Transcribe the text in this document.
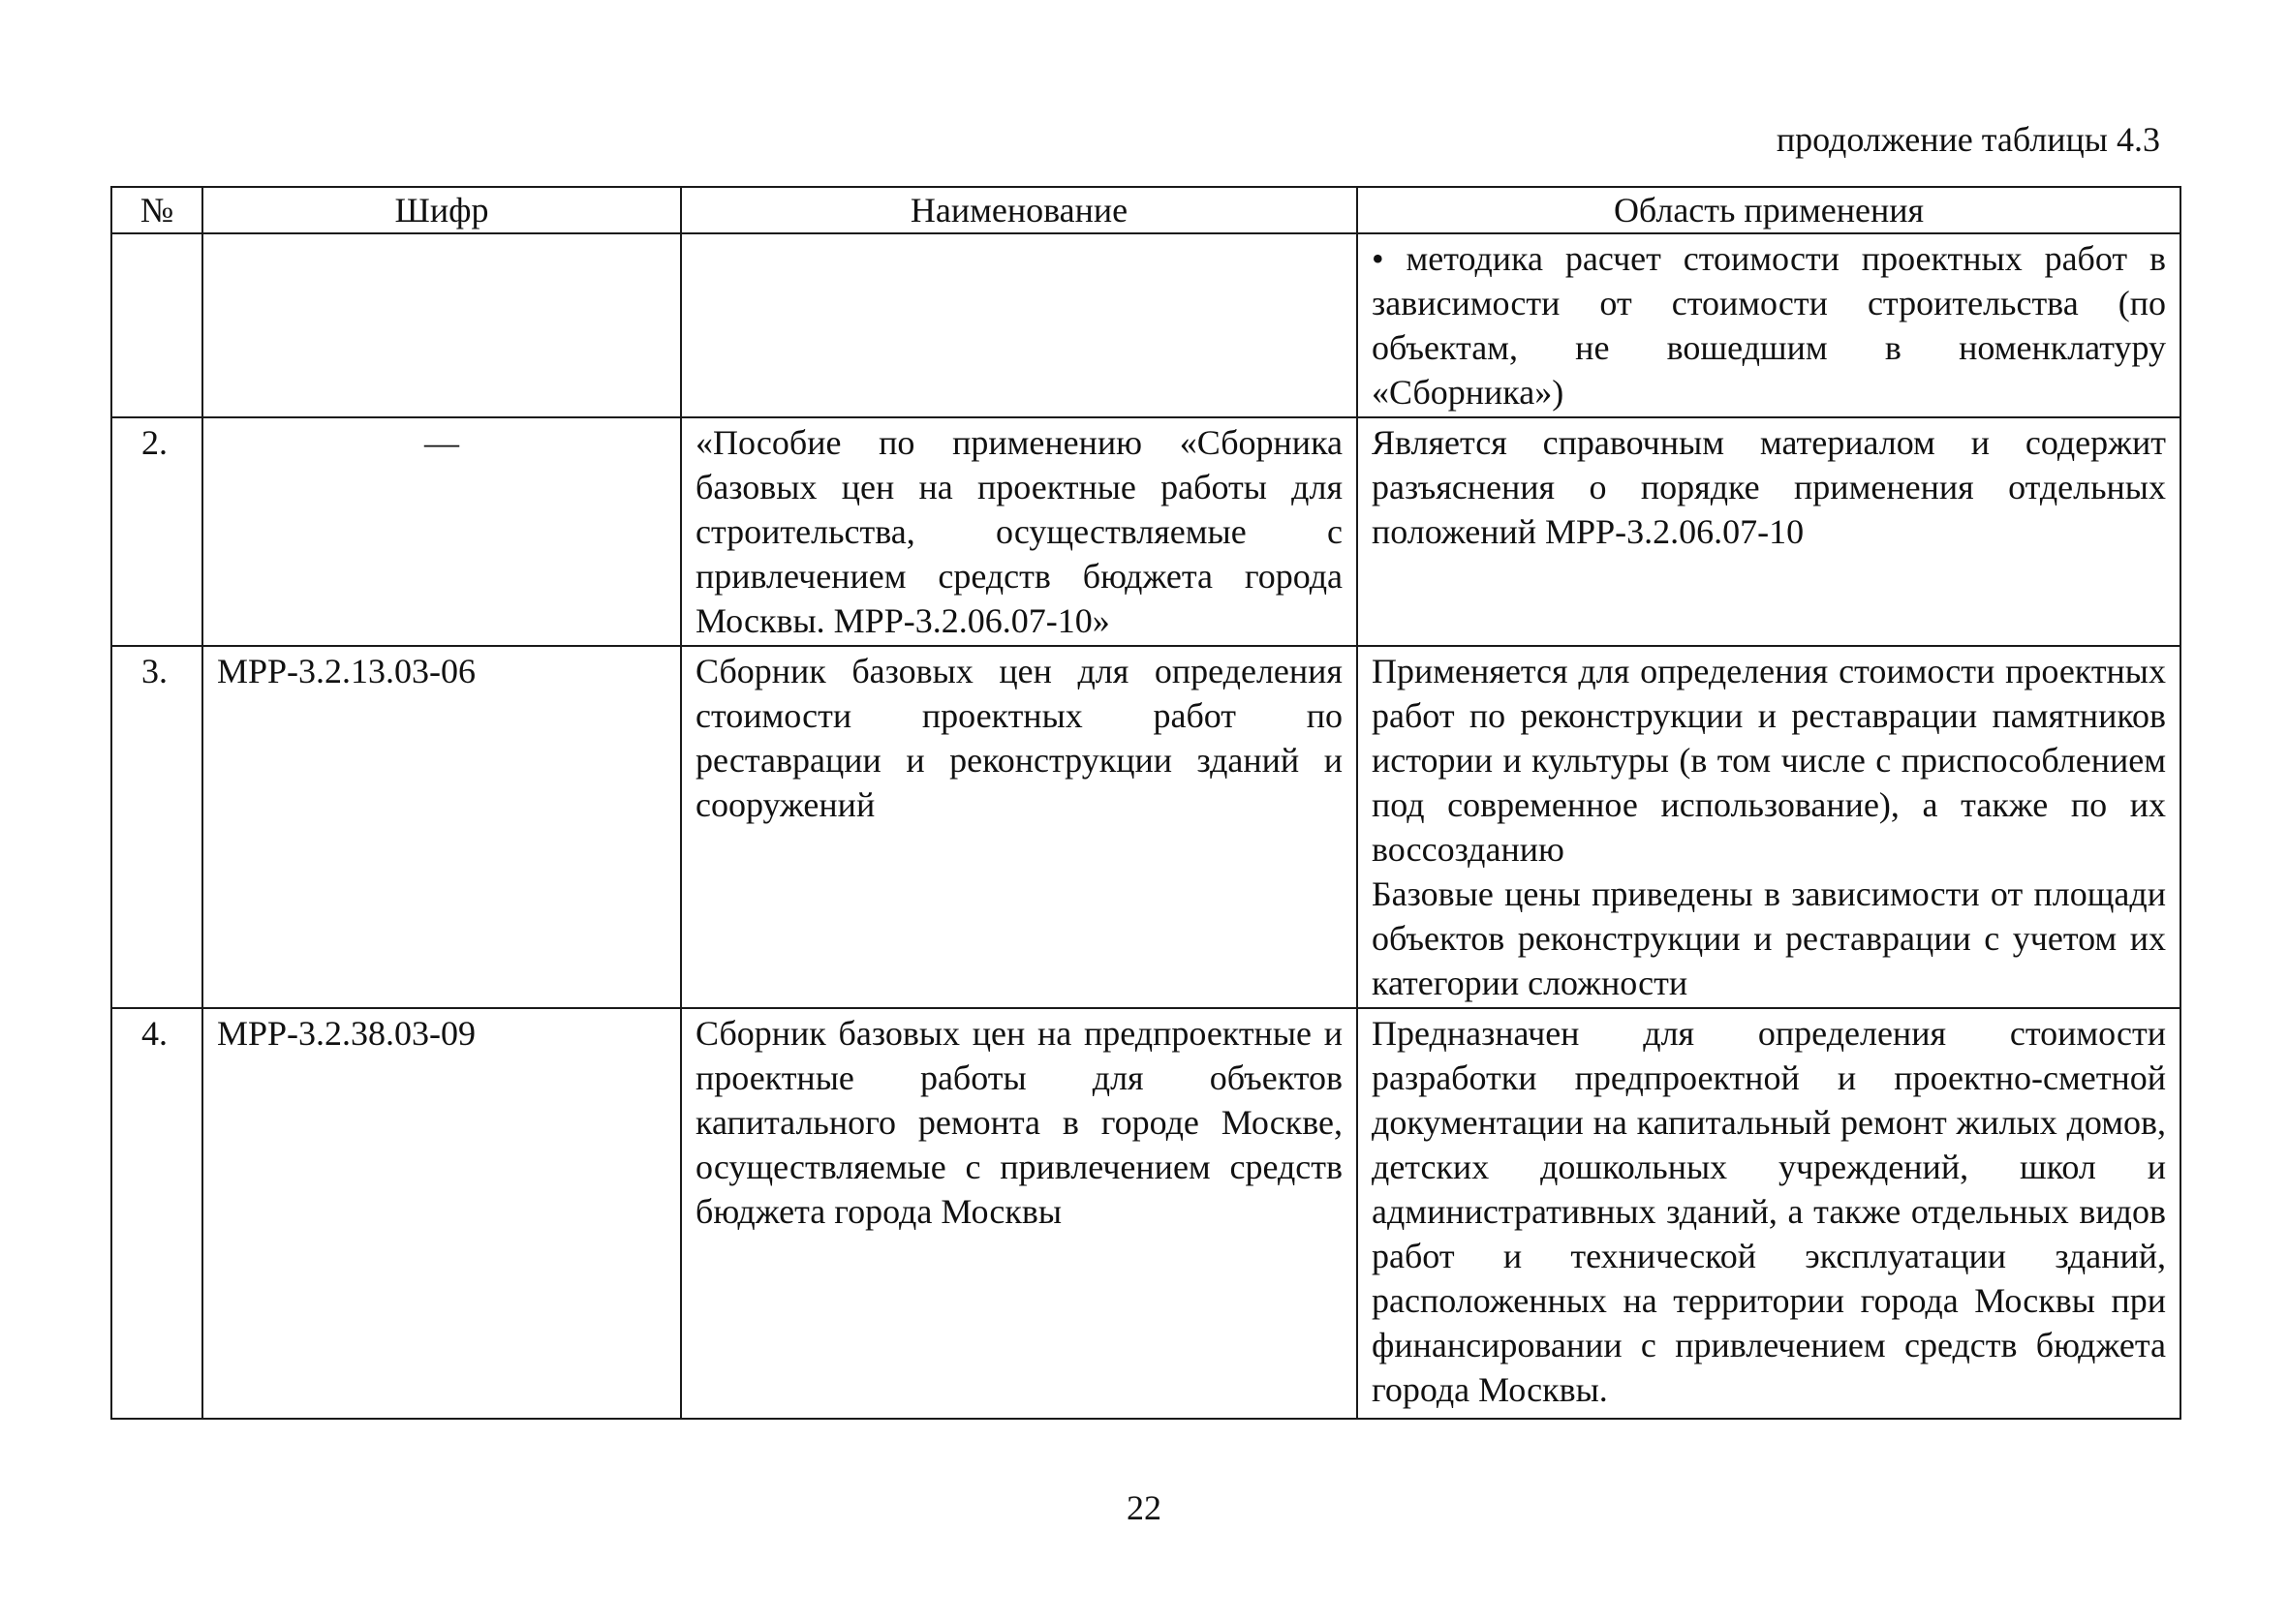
продолжение таблицы 4.3
№	Шифр	Наименование	Область применения
			• методика расчет стоимости проектных работ в зависимости от стоимости строительства (по объектам, не вошедшим в номенклатуру «Сборника»)
2.	—	«Пособие по применению «Сборника базовых цен на проектные работы для строительства, осуществляемые с привлечением средств бюджета города Москвы. МРР-3.2.06.07-10»	Является справочным материалом и содержит разъяснения о порядке применения отдельных положений МРР-3.2.06.07-10
3.	МРР-3.2.13.03-06	Сборник базовых цен для определения стоимости проектных работ по реставрации и реконструкции зданий и сооружений	Применяется для определения стоимости проектных работ по реконструкции и реставрации памятников истории и культуры (в том числе с приспособлением под современное использование), а также по их воссозданию
Базовые цены приведены в зависимости от площади объектов реконструкции и реставрации с учетом их категории сложности

4.	МРР-3.2.38.03-09	Сборник базовых цен на предпроектные и проектные работы для объектов капитального ремонта в городе Москве, осуществляемые с привлечением средств бюджета города Москвы	Предназначен для определения стоимости разработки предпроектной и проектно-сметной документации на капитальный ремонт жилых домов, детских дошкольных учреждений, школ и административных зданий, а также отдельных видов работ и технической эксплуатации зданий, расположенных на территории города Москвы при финансировании с привлечением средств бюджета города Москвы.
22
